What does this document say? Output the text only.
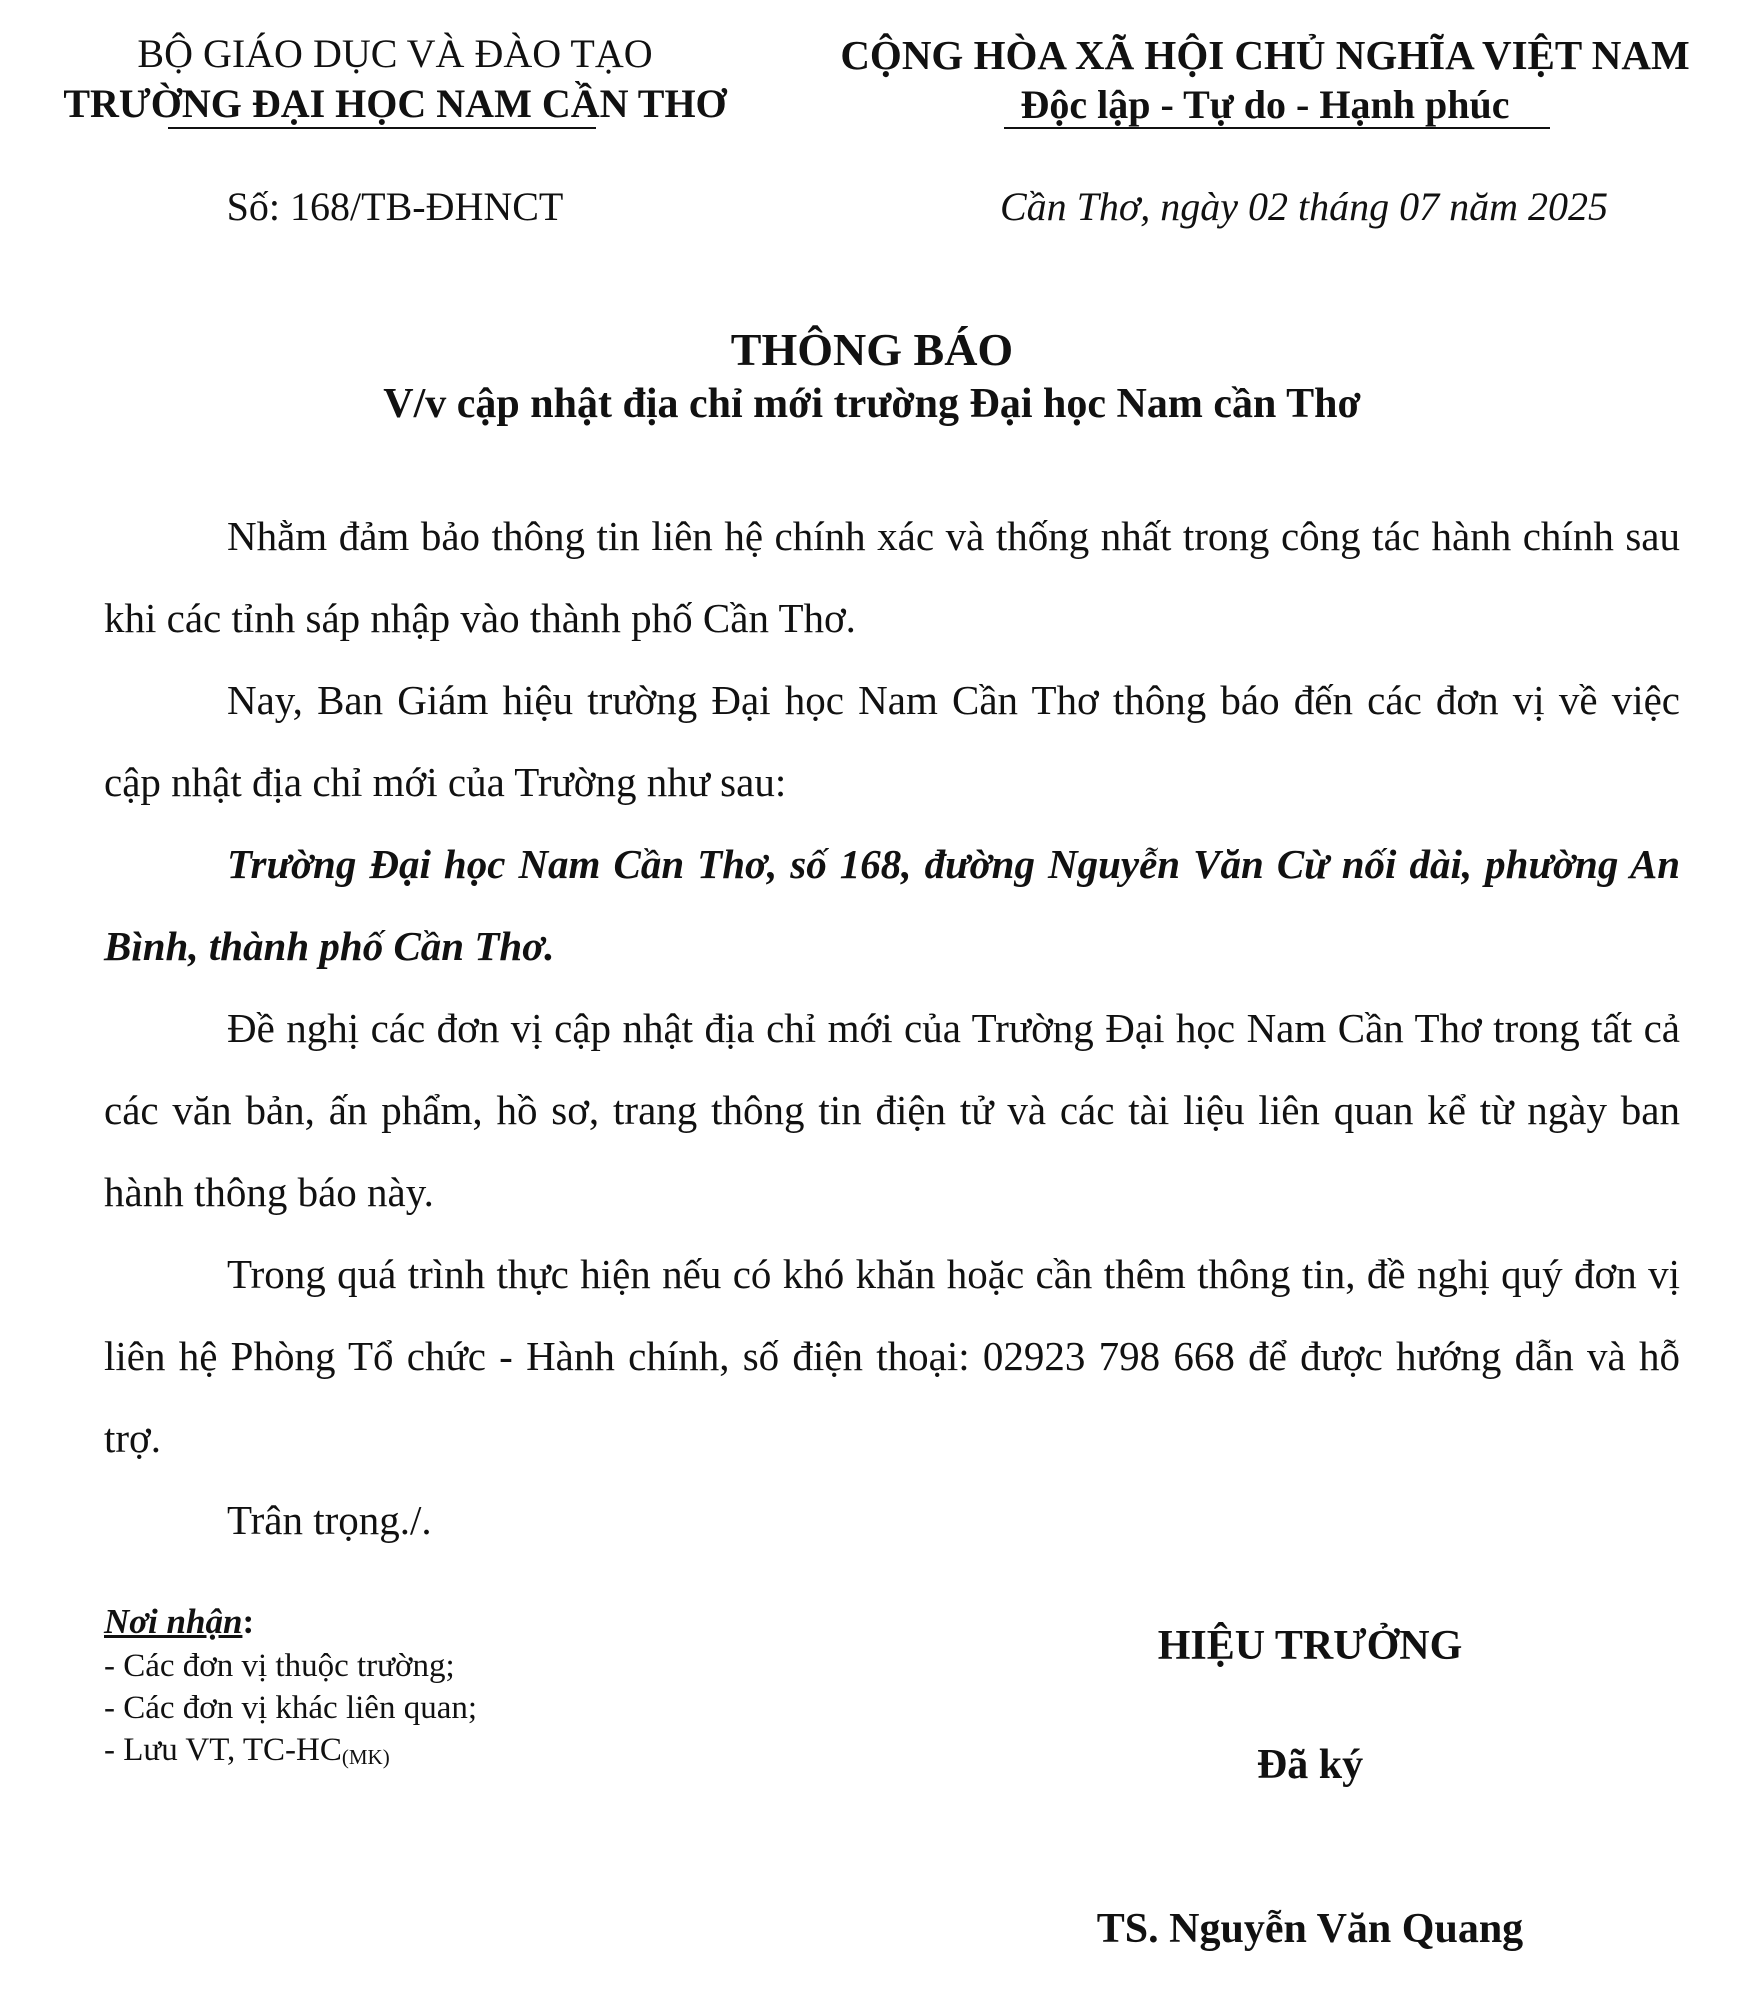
BỘ GIÁO DỤC VÀ ĐÀO TẠO
TRƯỜNG ĐẠI HỌC NAM CẦN THƠ
CỘNG HÒA XÃ HỘI CHỦ NGHĨA VIỆT NAM
Độc lập - Tự do - Hạnh phúc
Số: 168/TB-ĐHNCT	Cần Thơ, ngày 02 tháng 07 năm 2025
THÔNG BÁO
V/v cập nhật địa chỉ mới trường Đại học Nam cần Thơ

Nhằm đảm bảo thông tin liên hệ chính xác và thống nhất trong công tác hành chính sau khi các tỉnh sáp nhập vào thành phố Cần Thơ.

Nay, Ban Giám hiệu trường Đại học Nam Cần Thơ thông báo đến các đơn vị về việc cập nhật địa chỉ mới của Trường như sau:

Trường Đại học Nam Cần Thơ, số 168, đường Nguyễn Văn Cừ nối dài, phường An Bình, thành phố Cần Thơ.

Đề nghị các đơn vị cập nhật địa chỉ mới của Trường Đại học Nam Cần Thơ trong tất cả các văn bản, ấn phẩm, hồ sơ, trang thông tin điện tử và các tài liệu liên quan kể từ ngày ban hành thông báo này.

Trong quá trình thực hiện nếu có khó khăn hoặc cần thêm thông tin, đề nghị quý đơn vị liên hệ Phòng Tổ chức - Hành chính, số điện thoại: 02923 798 668 để được hướng dẫn và hỗ trợ.

Trân trọng./.

Nơi nhận:
- Các đơn vị thuộc trường;
- Các đơn vị khác liên quan;
- Lưu VT, $TC-HC_{(MK)}$
HIỆU TRƯỞNG
Đã ký
TS. Nguyễn Văn Quang
